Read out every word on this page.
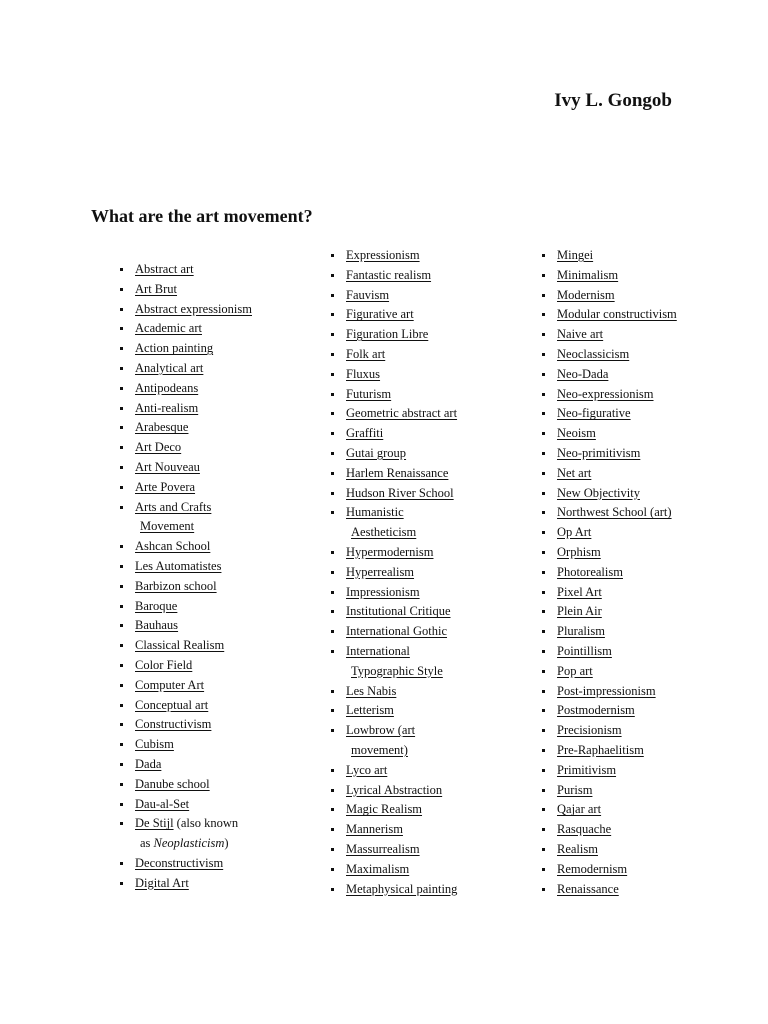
Ivy L. Gongob
What are the art movement?
Abstract art
Art Brut
Abstract expressionism
Academic art
Action painting
Analytical art
Antipodeans
Anti-realism
Arabesque
Art Deco
Art Nouveau
Arte Povera
Arts and Crafts
Movement
Ashcan School
Les Automatistes
Barbizon school
Baroque
Bauhaus
Classical Realism
Color Field
Computer Art
Conceptual art
Constructivism
Cubism
Dada
Danube school
Dau-al-Set
De Stijl (also known
as Neoplasticism)
Deconstructivism
Digital Art
Expressionism
Fantastic realism
Fauvism
Figurative art
Figuration Libre
Folk art
Fluxus
Futurism
Geometric abstract art
Graffiti
Gutai group
Harlem Renaissance
Hudson River School
Humanistic
Aestheticism
Hypermodernism
Hyperrealism
Impressionism
Institutional Critique
International Gothic
International
Typographic Style
Les Nabis
Letterism
Lowbrow (art
movement)
Lyco art
Lyrical Abstraction
Magic Realism
Mannerism
Massurrealism
Maximalism
Metaphysical painting
Mingei
Minimalism
Modernism
Modular constructivism
Naive art
Neoclassicism
Neo-Dada
Neo-expressionism
Neo-figurative
Neoism
Neo-primitivism
Net art
New Objectivity
Northwest School (art)
Op Art
Orphism
Photorealism
Pixel Art
Plein Air
Pluralism
Pointillism
Pop art
Post-impressionism
Postmodernism
Precisionism
Pre-Raphaelitism
Primitivism
Purism
Qajar art
Rasquache
Realism
Remodernism
Renaissance
